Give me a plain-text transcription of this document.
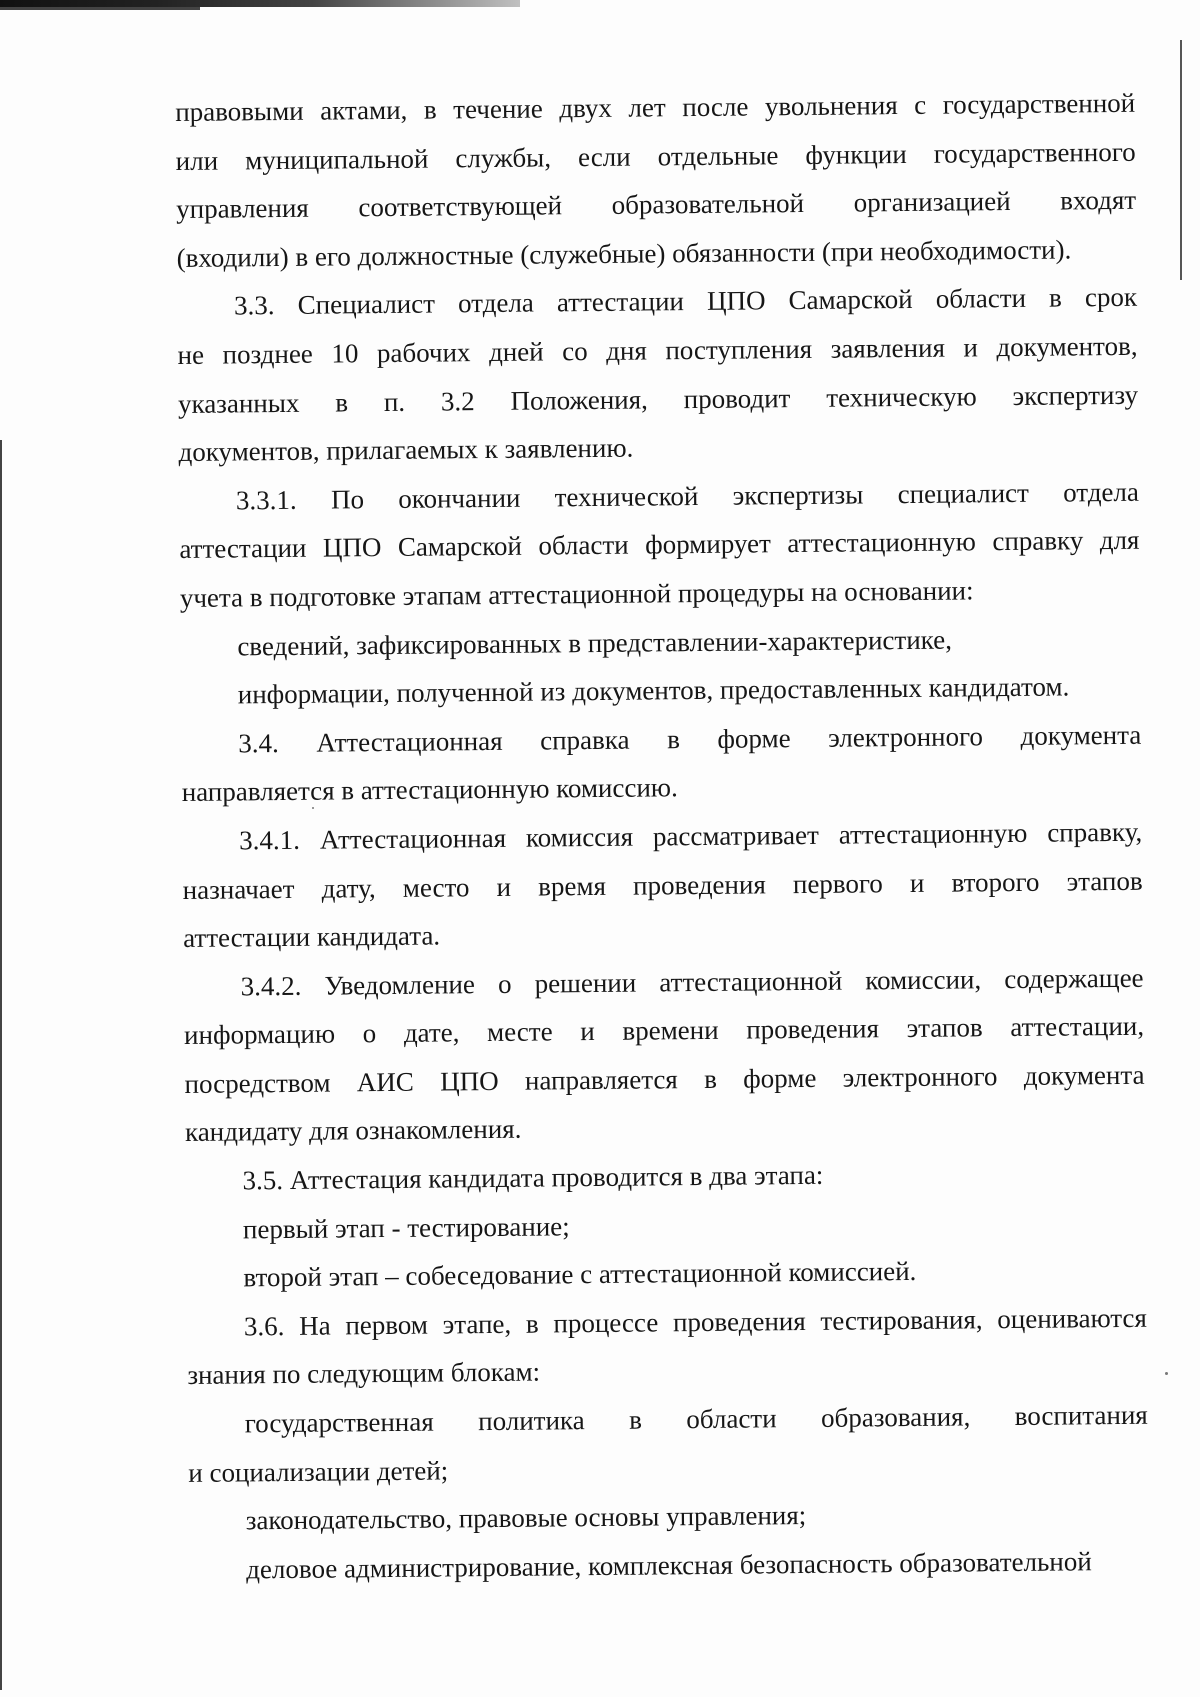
правовыми актами, в течение двух лет после увольнения с государственной
или муниципальной службы, если отдельные функции государственного
управления соответствующей образовательной организацией входят
(входили) в его должностные (служебные) обязанности (при необходимости).
3.3. Специалист отдела аттестации ЦПО Самарской области в срок
не позднее 10 рабочих дней со дня поступления заявления и документов,
указанных в п. 3.2 Положения, проводит техническую экспертизу
документов, прилагаемых к заявлению.
3.3.1. По окончании технической экспертизы специалист отдела
аттестации ЦПО Самарской области формирует аттестационную справку для
учета в подготовке этапам аттестационной процедуры на основании:
сведений, зафиксированных в представлении-характеристике,
информации, полученной из документов, предоставленных кандидатом.
3.4. Аттестационная справка в форме электронного документа
направляется в аттестационную комиссию.
3.4.1. Аттестационная комиссия рассматривает аттестационную справку,
назначает дату, место и время проведения первого и второго этапов
аттестации кандидата.
3.4.2. Уведомление о решении аттестационной комиссии, содержащее
информацию о дате, месте и времени проведения этапов аттестации,
посредством АИС ЦПО направляется в форме электронного документа
кандидату для ознакомления.
3.5. Аттестация кандидата проводится в два этапа:
первый этап - тестирование;
второй этап – собеседование с аттестационной комиссией.
3.6. На первом этапе, в процессе проведения тестирования, оцениваются
знания по следующим блокам:
государственная политика в области образования, воспитания
и социализации детей;
законодательство, правовые основы управления;
деловое администрирование, комплексная безопасность образовательной
